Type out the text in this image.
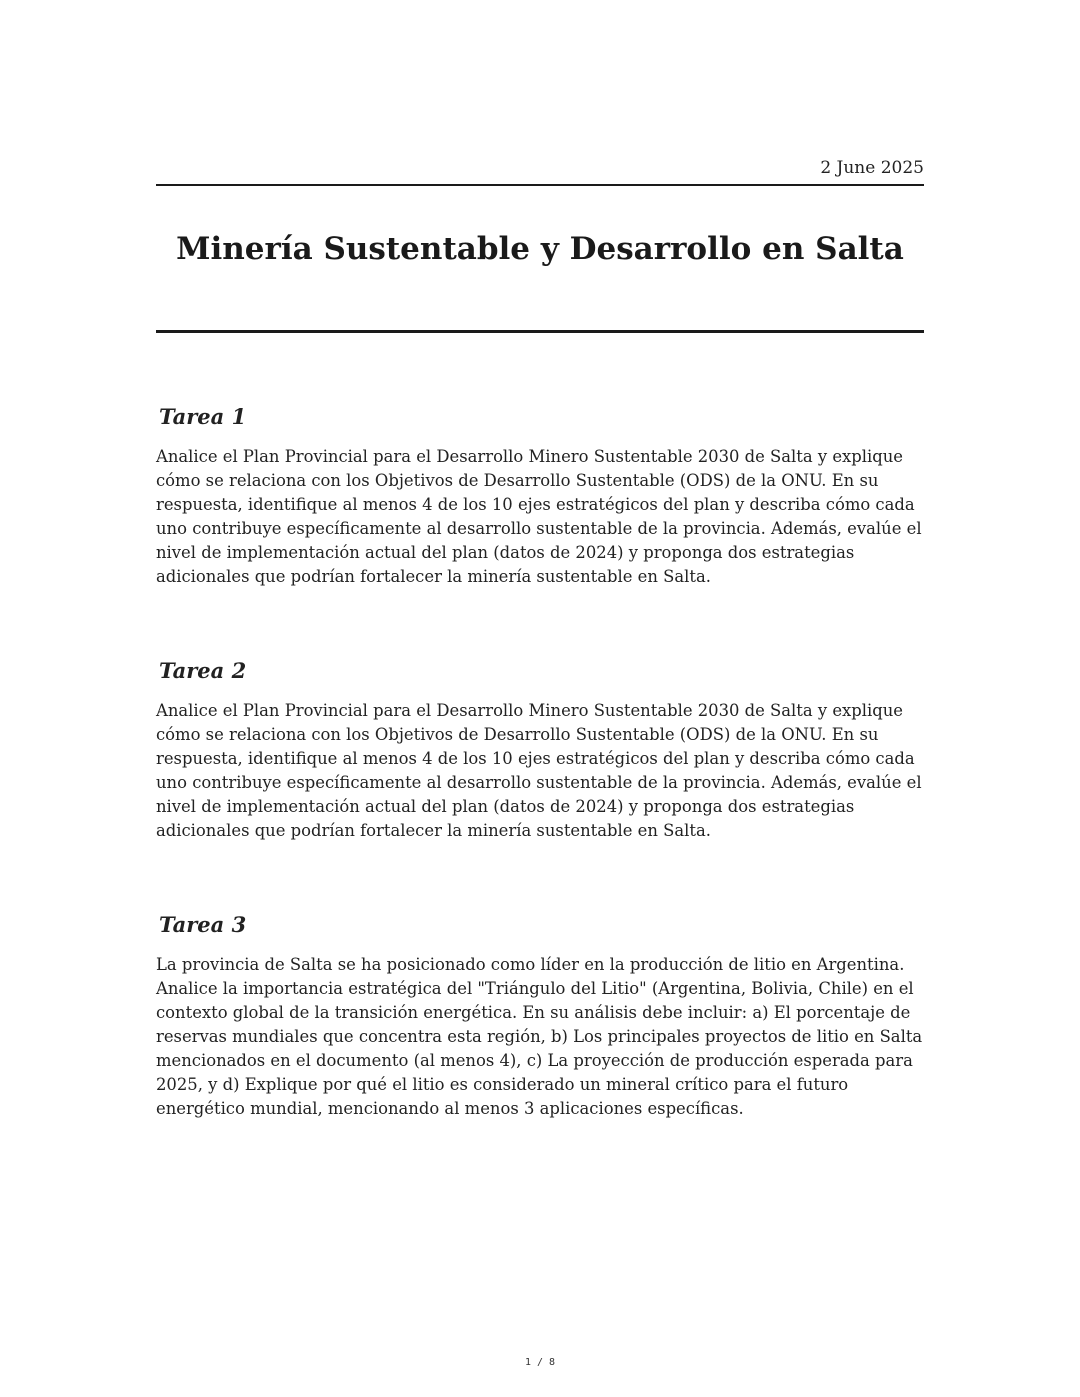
2 June 2025
Minería Sustentable y Desarrollo en Salta
Tarea 1

Analice el Plan Provincial para el Desarrollo Minero Sustentable 2030 de Salta y explique cómo se relaciona con los Objetivos de Desarrollo Sustentable (ODS) de la ONU. En su respuesta, identifique al menos 4 de los 10 ejes estratégicos del plan y describa cómo cada uno contribuye específicamente al desarrollo sustentable de la provincia. Además, evalúe el nivel de implementación actual del plan (datos de 2024) y proponga dos estrategias adicionales que podrían fortalecer la minería sustentable en Salta.

Tarea 2

Analice el Plan Provincial para el Desarrollo Minero Sustentable 2030 de Salta y explique cómo se relaciona con los Objetivos de Desarrollo Sustentable (ODS) de la ONU. En su respuesta, identifique al menos 4 de los 10 ejes estratégicos del plan y describa cómo cada uno contribuye específicamente al desarrollo sustentable de la provincia. Además, evalúe el nivel de implementación actual del plan (datos de 2024) y proponga dos estrategias adicionales que podrían fortalecer la minería sustentable en Salta.

Tarea 3

La provincia de Salta se ha posicionado como líder en la producción de litio en Argentina. Analice la importancia estratégica del "Triángulo del Litio" (Argentina, Bolivia, Chile) en el contexto global de la transición energética. En su análisis debe incluir: a) El porcentaje de reservas mundiales que concentra esta región, b) Los principales proyectos de litio en Salta mencionados en el documento (al menos 4), c) La proyección de producción esperada para 2025, y d) Explique por qué el litio es considerado un mineral crítico para el futuro energético mundial, mencionando al menos 3 aplicaciones específicas.

1 / 8
